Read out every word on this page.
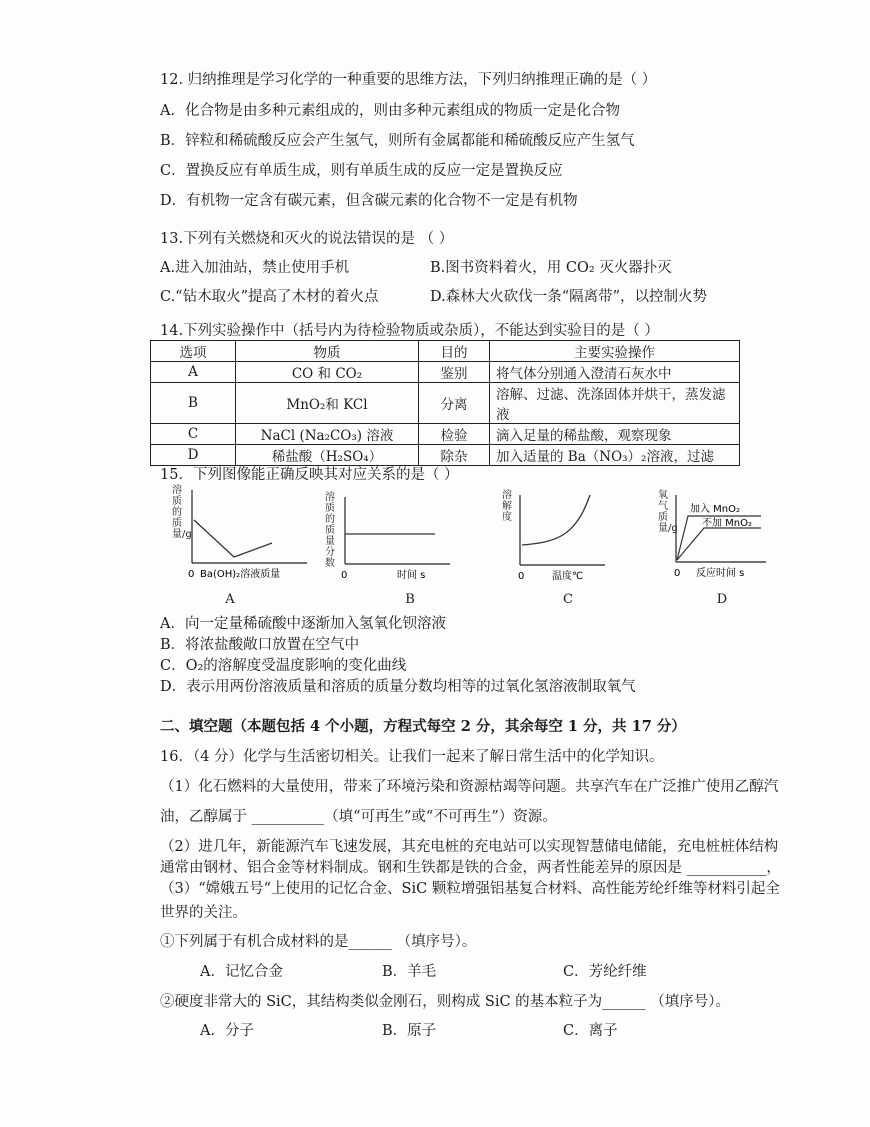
12. 归纳推理是学习化学的一种重要的思维方法，下列归纳推理正确的是（ ）
A．化合物是由多种元素组成的，则由多种元素组成的物质一定是化合物
B．锌粒和稀硫酸反应会产生氢气，则所有金属都能和稀硫酸反应产生氢气
C．置换反应有单质生成，则有单质生成的反应一定是置换反应
D．有机物一定含有碳元素，但含碳元素的化合物不一定是有机物
13.下列有关燃烧和灭火的说法错误的是 （ ）
A.进入加油站，禁止使用手机	B.图书资料着火，用 CO₂ 灭火器扑灭
C.“钻木取火”提高了木材的着火点	D.森林大火砍伐一条“隔离带”，以控制火势
14.下列实验操作中（括号内为待检验物质或杂质），不能达到实验目的是（ ）
选项	物质	目的	主要实验操作
A	CO 和 CO₂	鉴别	将气体分别通入澄清石灰水中
B	MnO₂和 KCl	分离	溶解、过滤、洗涤固体并烘干，蒸发滤液
C	NaCl (Na₂CO₃) 溶液	检验	滴入足量的稀盐酸，观察现象
D	稀盐酸（H₂SO₄）	除杂	加入适量的 Ba（NO₃）₂溶液，过滤
15．下列图像能正确反映其对应关系的是（ ）
0 Ba(OH)₂溶液质量
溶质的质量/g
A
0	时间 s
溶质的质量分数
B
0	温度℃
溶解度
C
0 反应时间 s
加入 MnO₂
不加 MnO₂
氧气质量/g
D
A．向一定量稀硫酸中逐渐加入氢氧化钡溶液
B．将浓盐酸敞口放置在空气中
C．O₂的溶解度受温度影响的变化曲线
D．表示用两份溶液质量和溶质的质量分数均相等的过氧化氢溶液制取氧气
二、填空题（本题包括 4 个小题，方程式每空 2 分，其余每空 1 分，共 17 分）
16．（4 分）化学与生活密切相关。让我们一起来了解日常生活中的化学知识。
（1）化石燃料的大量使用，带来了环境污染和资源枯竭等问题。共享汽车在广泛推广使用乙醇汽
油，乙醇属于 __________（填“可再生”或“不可再生”）资源。
（2）进几年，新能源汽车飞速发展，其充电桩的充电站可以实现智慧储电储能，充电桩桩体结构
通常由钢材、铝合金等材料制成。钢和生铁都是铁的合金，两者性能差异的原因是 ___________，
（3）“嫦娥五号“上使用的记忆合金、SiC 颗粒增强铝基复合材料、高性能芳纶纤维等材料引起全
世界的关注。
①下列属于有机合成材料的是______ （填序号）。
A．记忆合金	B．羊毛	C．芳纶纤维
②硬度非常大的 SiC，其结构类似金刚石，则构成 SiC 的基本粒子为______ （填序号）。
A．分子	B．原子	C．离子
